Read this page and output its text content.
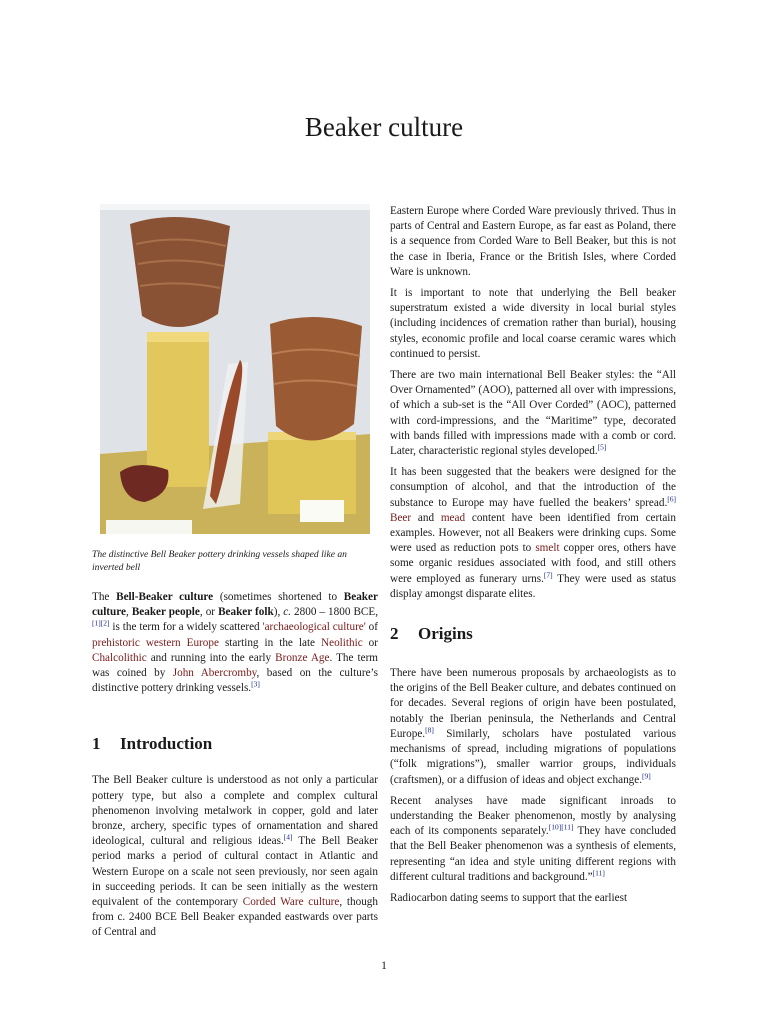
Beaker culture

The distinctive Bell Beaker pottery drinking vessels shaped like an inverted bell

The Bell-Beaker culture (sometimes shortened to Beaker culture, Beaker people, or Beaker folk), c. 2800 – 1800 BCE,[1][2] is the term for a widely scattered 'archaeological culture' of prehistoric western Europe starting in the late Neolithic or Chalcolithic and running into the early Bronze Age. The term was coined by John Abercromby, based on the culture’s distinctive pottery drinking vessels.[3]

1 Introduction

The Bell Beaker culture is understood as not only a particular pottery type, but also a complete and complex cultural phenomenon involving metalwork in copper, gold and later bronze, archery, specific types of ornamentation and shared ideological, cultural and religious ideas.[4] The Bell Beaker period marks a period of cultural contact in Atlantic and Western Europe on a scale not seen previously, nor seen again in succeeding periods. It can be seen initially as the western equivalent of the contemporary Corded Ware culture, though from c. 2400 BCE Bell Beaker expanded eastwards over parts of Central and

Eastern Europe where Corded Ware previously thrived. Thus in parts of Central and Eastern Europe, as far east as Poland, there is a sequence from Corded Ware to Bell Beaker, but this is not the case in Iberia, France or the British Isles, where Corded Ware is unknown.

It is important to note that underlying the Bell beaker superstratum existed a wide diversity in local burial styles (including incidences of cremation rather than burial), housing styles, economic profile and local coarse ceramic wares which continued to persist.

There are two main international Bell Beaker styles: the “All Over Ornamented” (AOO), patterned all over with impressions, of which a sub-set is the “All Over Corded” (AOC), patterned with cord-impressions, and the “Maritime” type, decorated with bands filled with impressions made with a comb or cord. Later, characteristic regional styles developed.[5]

It has been suggested that the beakers were designed for the consumption of alcohol, and that the introduction of the substance to Europe may have fuelled the beakers’ spread.[6] Beer and mead content have been identified from certain examples. However, not all Beakers were drinking cups. Some were used as reduction pots to smelt copper ores, others have some organic residues associated with food, and still others were employed as funerary urns.[7] They were used as status display amongst disparate elites.

2 Origins

There have been numerous proposals by archaeologists as to the origins of the Bell Beaker culture, and debates continued on for decades. Several regions of origin have been postulated, notably the Iberian peninsula, the Netherlands and Central Europe.[8] Similarly, scholars have postulated various mechanisms of spread, including migrations of populations (“folk migrations”), smaller warrior groups, individuals (craftsmen), or a diffusion of ideas and object exchange.[9]

Recent analyses have made significant inroads to understanding the Beaker phenomenon, mostly by analysing each of its components separately.[10][11] They have concluded that the Bell Beaker phenomenon was a synthesis of elements, representing “an idea and style uniting different regions with different cultural traditions and background.”[11]

Radiocarbon dating seems to support that the earliest

1
